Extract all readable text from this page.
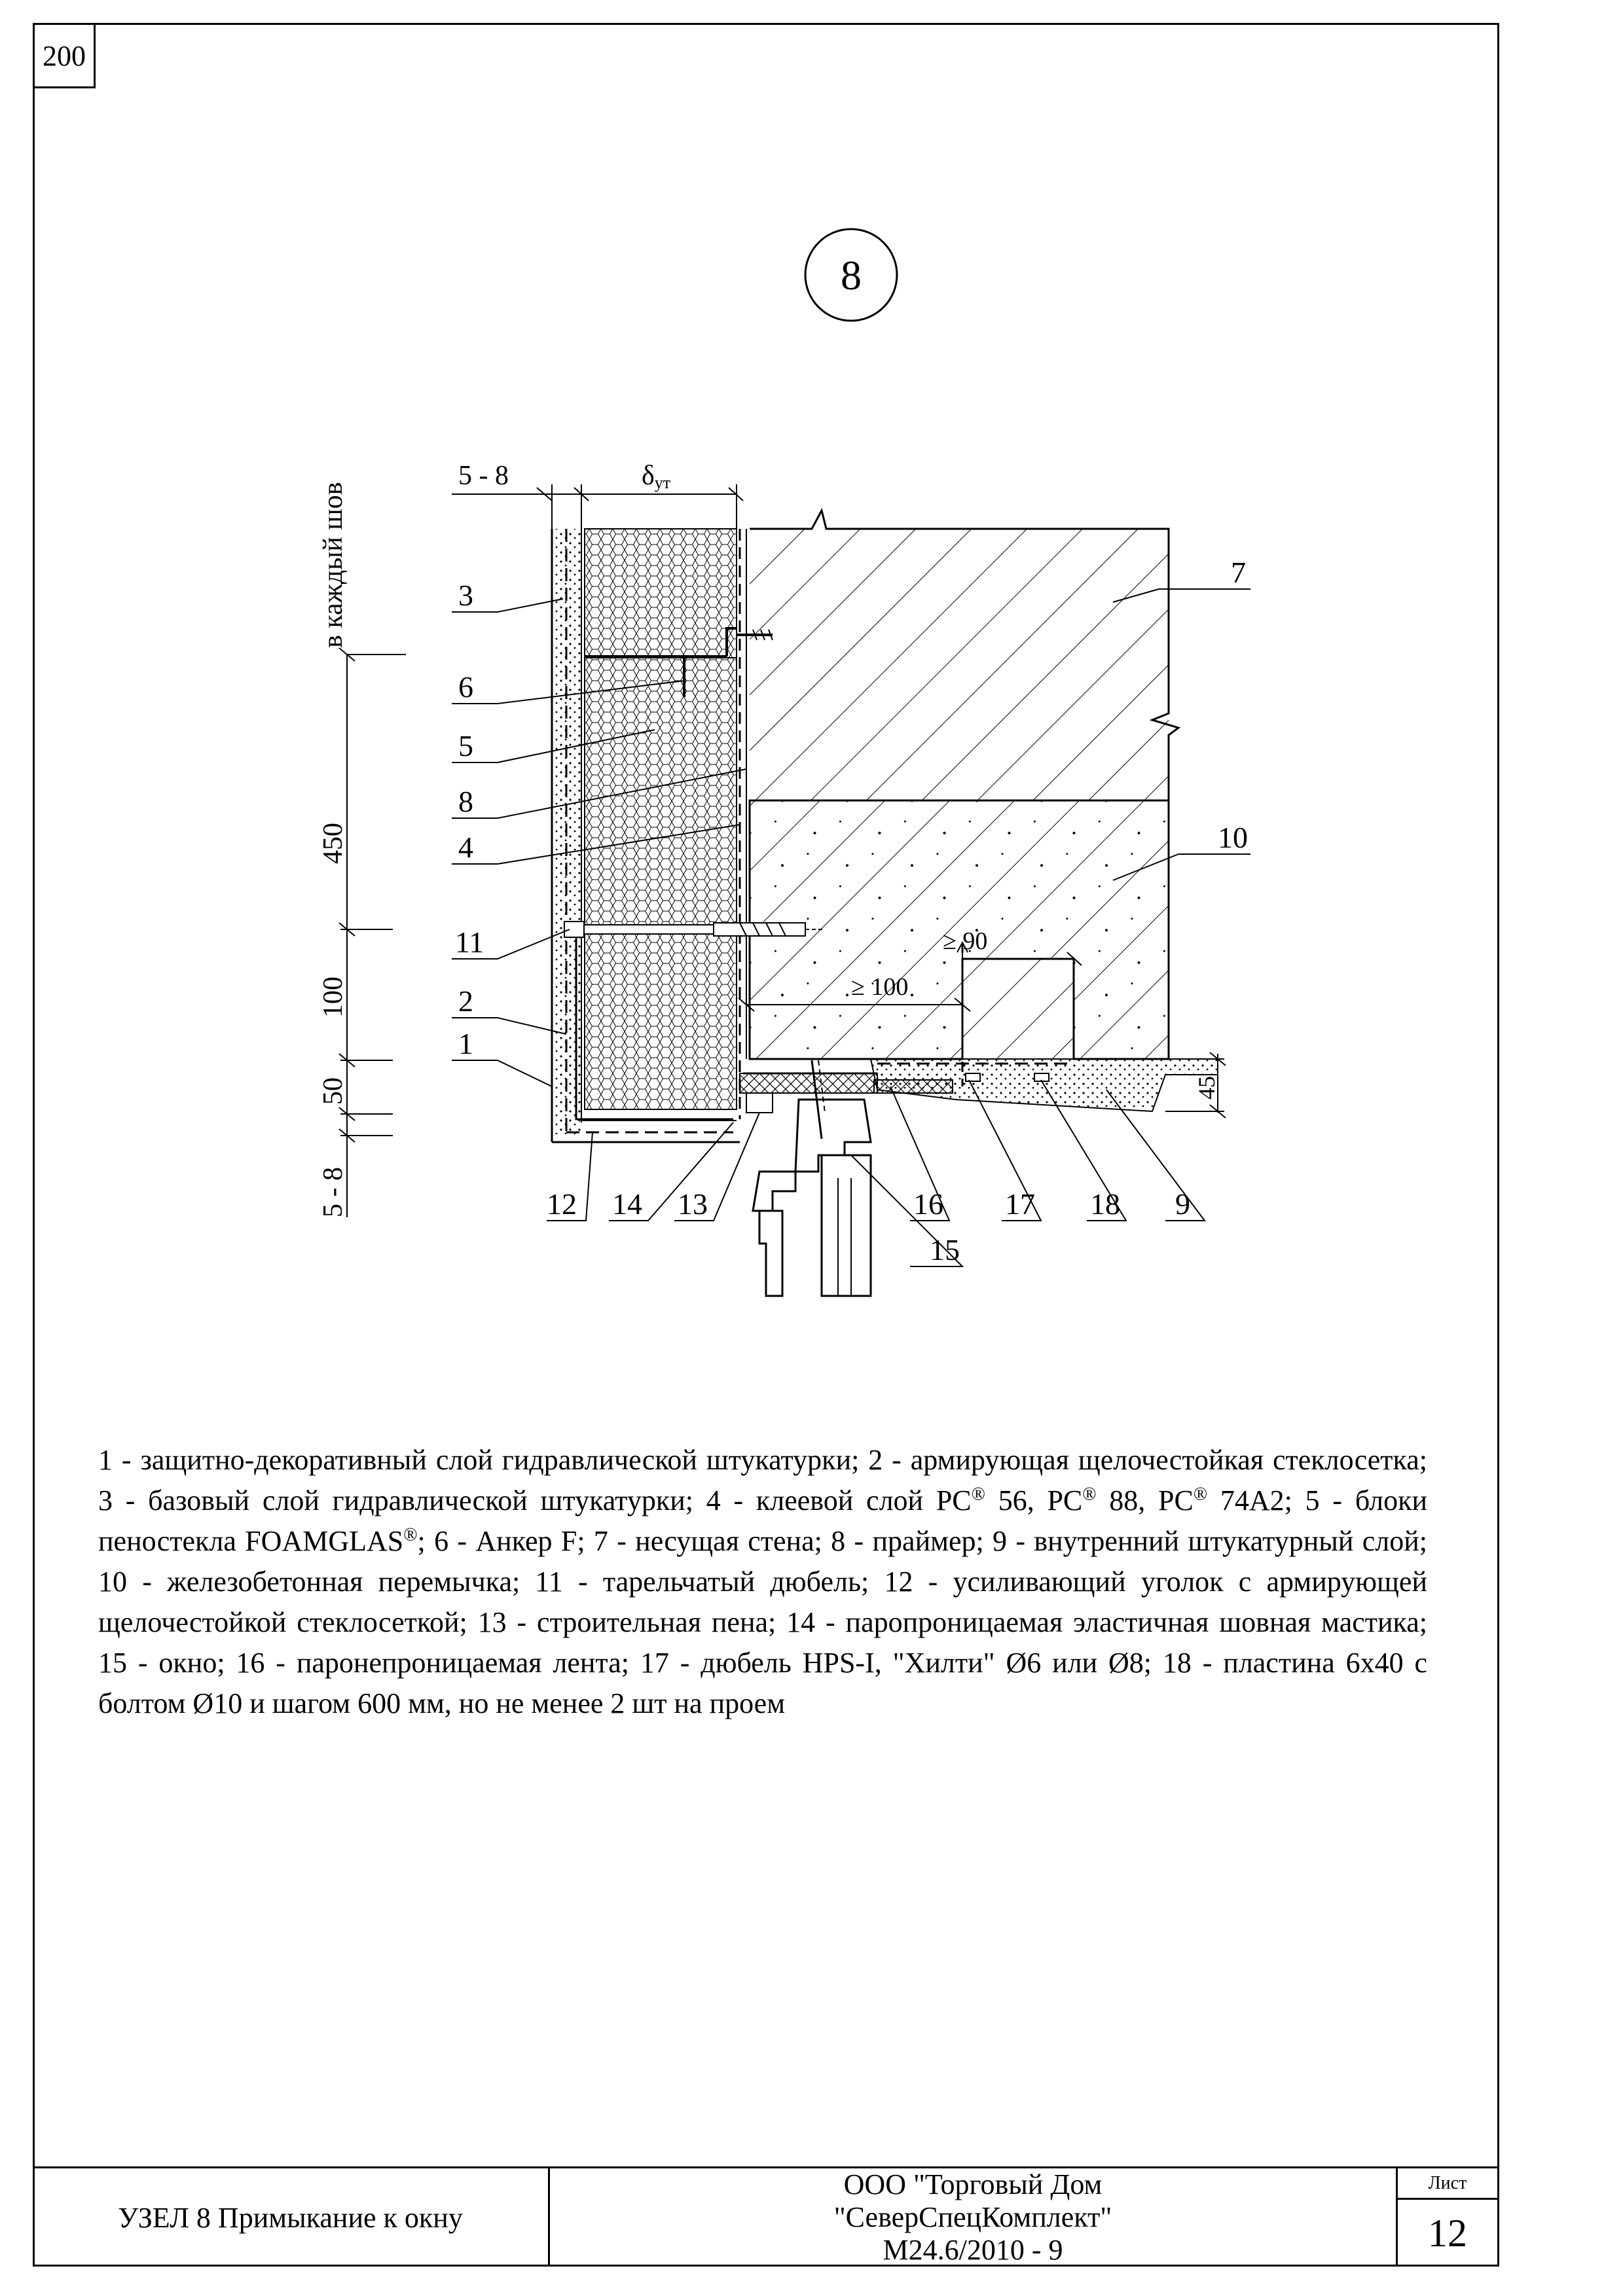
200
8
5 - 8	δут
в каждый шов
450
100
50
5 - 8
≥ 90
≥ 100
45
3
6
5
8
4
11
2
1
7
10
12 14 13	16 17 18 9
15
1 - защитно-декоративный слой гидравлической штукатурки; 2 - армирующая щелочестойкая стеклосетка; 3 - базовый слой гидравлической штукатурки; 4 - клеевой слой PC® 56, PC® 88, PC® 74A2; 5 - блоки пеностекла FOAMGLAS®; 6 - Анкер F; 7 - несущая стена; 8 - праймер; 9 - внутренний штукатурный слой; 10 - железобетонная перемычка; 11 - тарельчатый дюбель; 12 - усиливающий уголок с армирующей щелочестойкой стеклосеткой; 13 - строительная пена; 14 - паропроницаемая эластичная шовная мастика; 15 - окно; 16 - паронепроницаемая лента; 17 - дюбель HPS-I, "Хилти" Ø6 или Ø8; 18 - пластина 6x40 с болтом Ø10 и шагом 600 мм, но не менее 2 шт на проем
УЗЕЛ 8 Примыкание к окну
ООО "Торговый Дом
"СеверСпецКомплект"
М24.6/2010 - 9
Лист
12
